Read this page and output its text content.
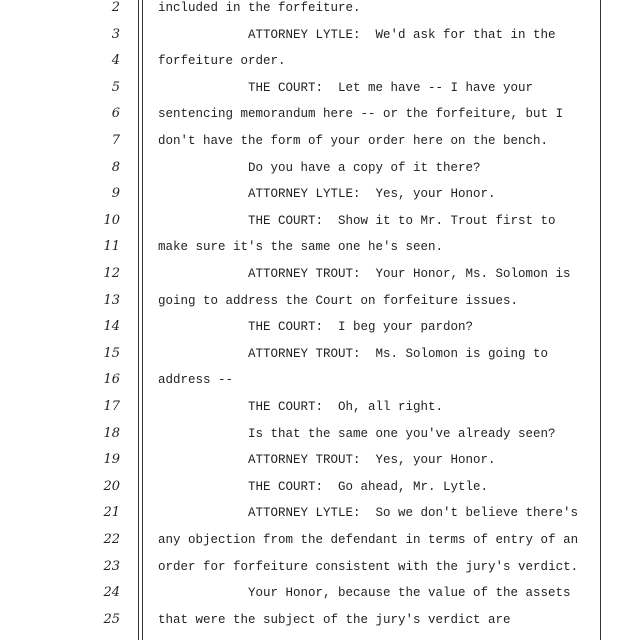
2	included in the forfeiture.
3	ATTORNEY LYTLE:  We'd ask for that in the
4	forfeiture order.
5	THE COURT:  Let me have -- I have your
6	sentencing memorandum here -- or the forfeiture, but I
7	don't have the form of your order here on the bench.
8	Do you have a copy of it there?
9	ATTORNEY LYTLE:  Yes, your Honor.
10	THE COURT:  Show it to Mr. Trout first to
11	make sure it's the same one he's seen.
12	ATTORNEY TROUT:  Your Honor, Ms. Solomon is
13	going to address the Court on forfeiture issues.
14	THE COURT:  I beg your pardon?
15	ATTORNEY TROUT:  Ms. Solomon is going to
16	address --
17	THE COURT:  Oh, all right.
18	Is that the same one you've already seen?
19	ATTORNEY TROUT:  Yes, your Honor.
20	THE COURT:  Go ahead, Mr. Lytle.
21	ATTORNEY LYTLE:  So we don't believe there's
22	any objection from the defendant in terms of entry of an
23	order for forfeiture consistent with the jury's verdict.
24	Your Honor, because the value of the assets
25	that were the subject of the jury's verdict are
